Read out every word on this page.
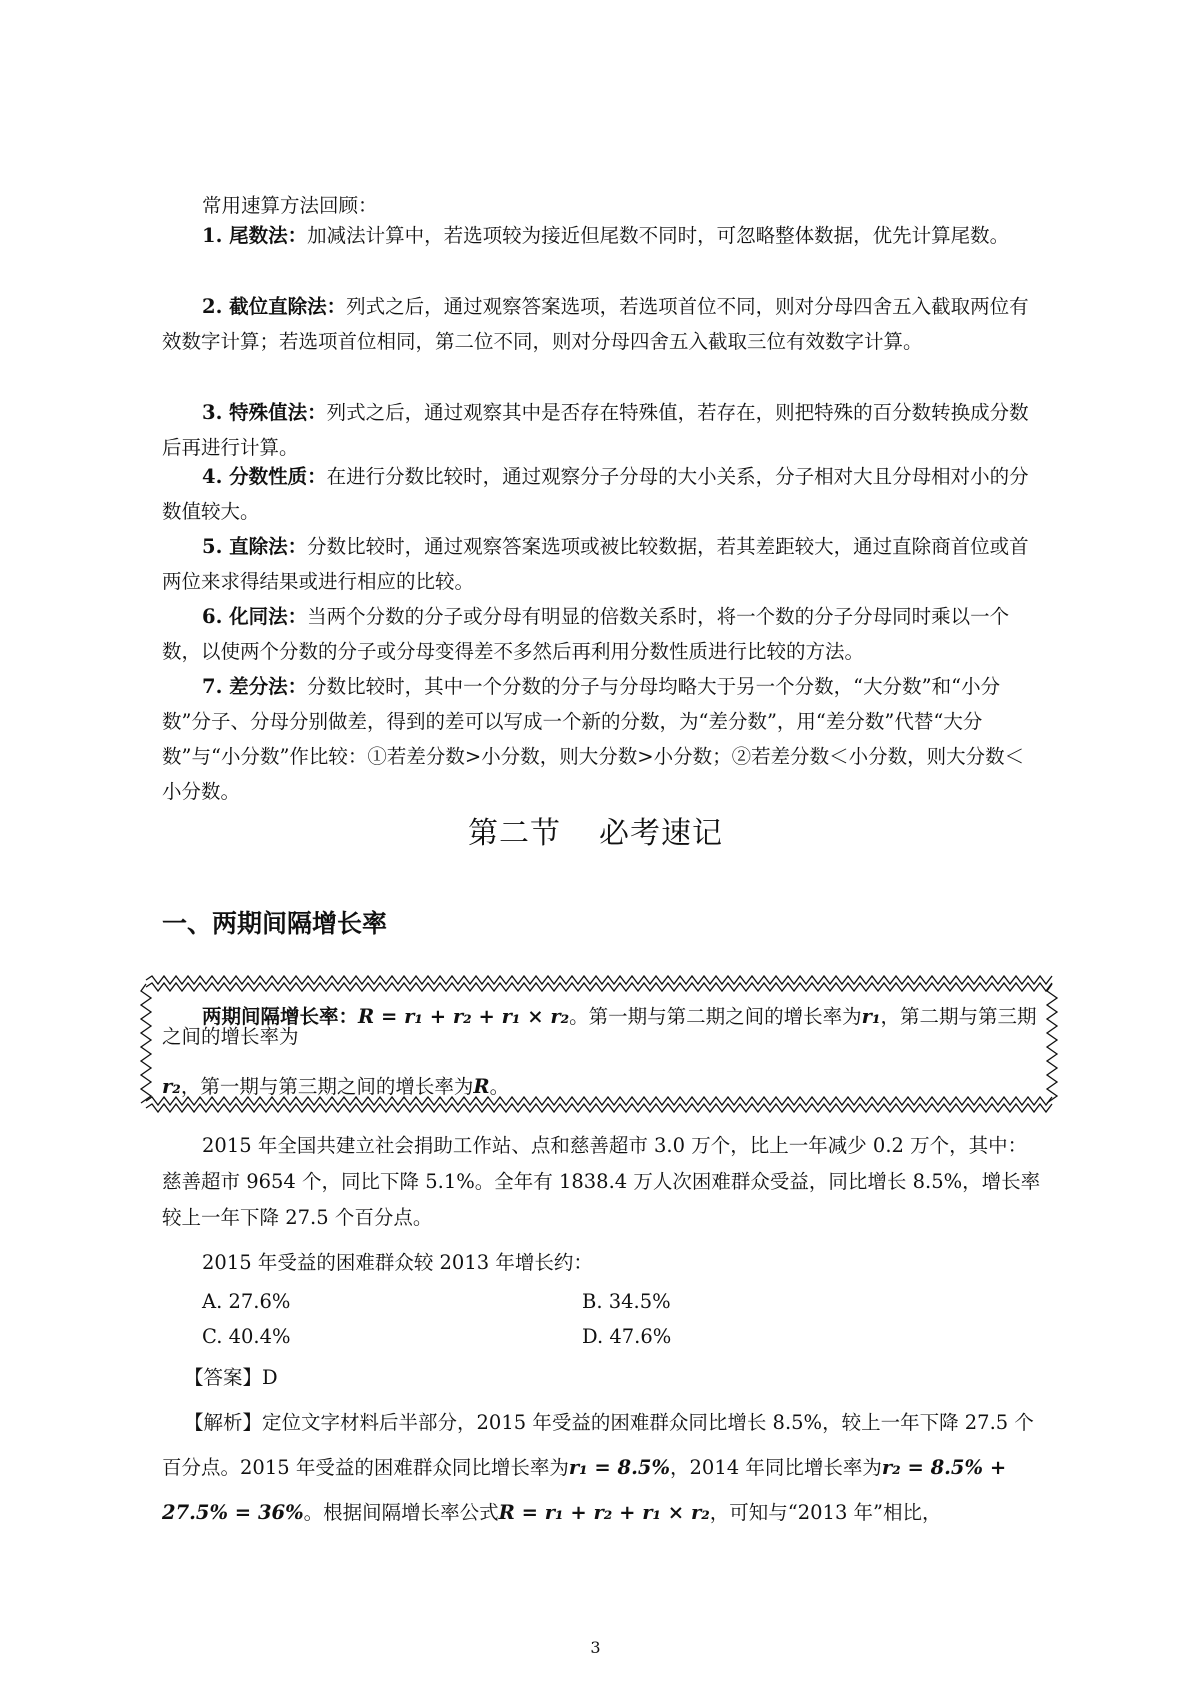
常用速算方法回顾：
1. 尾数法：加减法计算中，若选项较为接近但尾数不同时，可忽略整体数据，优先计算尾数。
2. 截位直除法：列式之后，通过观察答案选项，若选项首位不同，则对分母四舍五入截取两位有效数字计算；若选项首位相同，第二位不同，则对分母四舍五入截取三位有效数字计算。
3. 特殊值法：列式之后，通过观察其中是否存在特殊值，若存在，则把特殊的百分数转换成分数后再进行计算。
4. 分数性质：在进行分数比较时，通过观察分子分母的大小关系，分子相对大且分母相对小的分数值较大。
5. 直除法：分数比较时，通过观察答案选项或被比较数据，若其差距较大，通过直除商首位或首两位来求得结果或进行相应的比较。
6. 化同法：当两个分数的分子或分母有明显的倍数关系时，将一个数的分子分母同时乘以一个数，以使两个分数的分子或分母变得差不多然后再利用分数性质进行比较的方法。
7. 差分法：分数比较时，其中一个分数的分子与分母均略大于另一个分数，“大分数”和“小分数”分子、分母分别做差，得到的差可以写成一个新的分数，为“差分数”，用“差分数”代替“大分数”与“小分数”作比较：①若差分数>小分数，则大分数>小分数；②若差分数＜小分数，则大分数＜小分数。
第二节 必考速记
一、两期间隔增长率
两期间隔增长率：R = r₁ + r₂ + r₁ × r₂。第一期与第二期之间的增长率为r₁，第二期与第三期之间的增长率为
r₂，第一期与第三期之间的增长率为R。
2015 年全国共建立社会捐助工作站、点和慈善超市 3.0 万个，比上一年减少 0.2 万个，其中：慈善超市 9654 个，同比下降 5.1%。全年有 1838.4 万人次困难群众受益，同比增长 8.5%，增长率较上一年下降 27.5 个百分点。
2015 年受益的困难群众较 2013 年增长约：
A. 27.6%	B. 34.5%
C. 40.4%	D. 47.6%
【答案】D
【解析】定位文字材料后半部分，2015 年受益的困难群众同比增长 8.5%，较上一年下降 27.5 个百分点。2015 年受益的困难群众同比增长率为r₁ = 8.5%，2014 年同比增长率为r₂ = 8.5% + 27.5% = 36%。根据间隔增长率公式R = r₁ + r₂ + r₁ × r₂，可知与“2013 年”相比，
3
